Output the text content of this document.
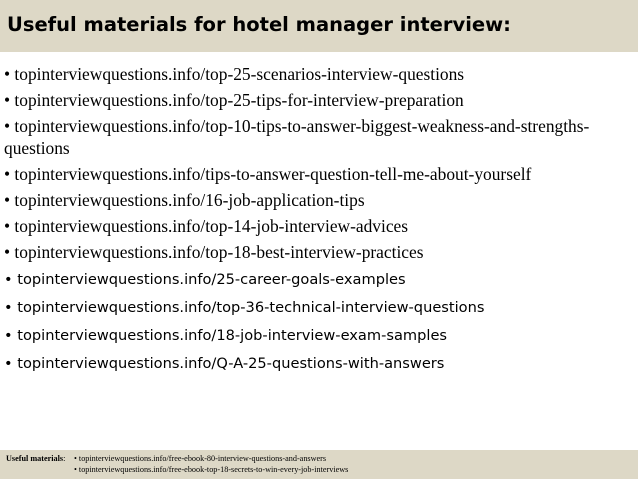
Useful materials for hotel manager interview:
• topinterviewquestions.info/top-25-scenarios-interview-questions
• topinterviewquestions.info/top-25-tips-for-interview-preparation
• topinterviewquestions.info/top-10-tips-to-answer-biggest-weakness-and-strengths-questions
• topinterviewquestions.info/tips-to-answer-question-tell-me-about-yourself
• topinterviewquestions.info/16-job-application-tips
• topinterviewquestions.info/top-14-job-interview-advices
• topinterviewquestions.info/top-18-best-interview-practices
• topinterviewquestions.info/25-career-goals-examples
• topinterviewquestions.info/top-36-technical-interview-questions
• topinterviewquestions.info/18-job-interview-exam-samples
• topinterviewquestions.info/Q-A-25-questions-with-answers
Useful materials:	• topinterviewquestions.info/free-ebook-80-interview-questions-and-answers
• topinterviewquestions.info/free-ebook-top-18-secrets-to-win-every-job-interviews
